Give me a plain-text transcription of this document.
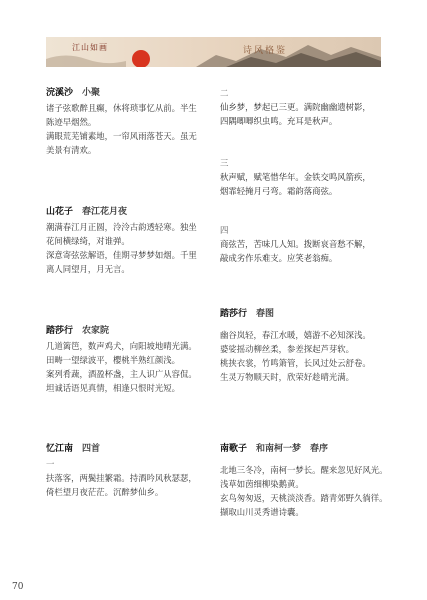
江山如画	诗风格鉴
浣溪沙 小聚
诸子弦歌醉且癫，休将琐事忆从前。半生
陈迹早烟然。
满眼荒芜铺素地，一帘风雨落苍天。虽无
美景有清欢。
山花子 春江花月夜
潮满春江月正圆，泠泠古韵透轻寒。独坐
花间横绿绮，对谁弹。
深意寄弦弦解语，佳期寻梦梦如烟。千里
离人同望月，月无言。
踏莎行 农家院
几道篱笆，数声鸡犬，向阳坡地晴光满。
田畴一望绿波平，樱桃半熟红颜浅。
案列肴蔬，酒盈杯盏，主人识广从容侃。
坦诚话语见真情，相逢只恨时光短。
忆江南 四首
一
扶落客，两鬓挂繁霜。持酒吟风秋瑟瑟，
倚栏望月夜茫茫。沉醉梦仙乡。
二
仙乡梦，梦起已三更。满院幽幽遗树影，
四隅唧唧织虫鸣。充耳是秋声。
三
秋声赋，赋笔惜华年。金铁交鸣风箭疾，
烟霏轻掩月弓弯。霜韵落商弦。
四
商弦苦，苦味几人知。拨断哀音愁不解，
敲成劣作乐难支。应笑老翁痴。
踏莎行 春图
幽谷岚轻，春江水暖，嬉游不必知深浅。
婆娑摇动柳丝柔，参差探起芦芽软。
桃挟衣裳，竹鸣箫管，长风过处云舒卷。
生灵万物顺天时，欣荣好趁晴光满。
南歌子 和南柯一梦　春序
北地三冬冷，南柯一梦长。醒来忽见好风光。
浅草如茵细柳染鹅黄。
玄鸟匆匆返，天桃淡淡香。踏青郊野久徜徉。
撷取山川灵秀谱诗囊。
70
